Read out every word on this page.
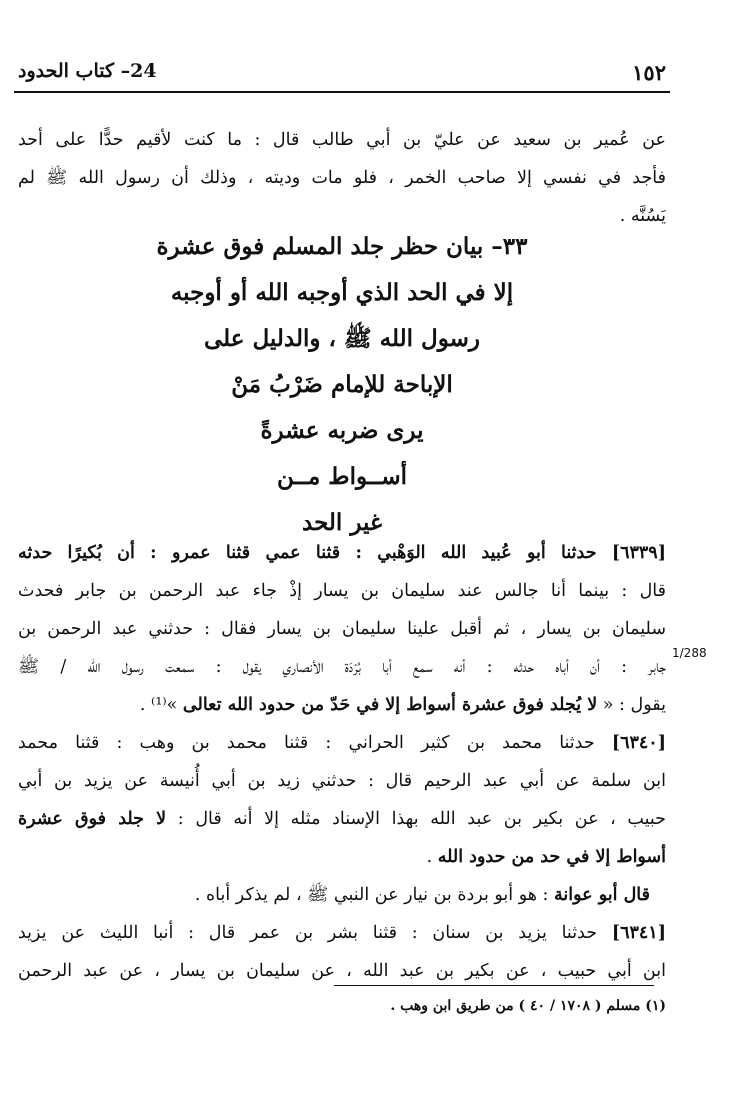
24– كتاب الحدود	١٥٢
عن عُمير بن سعيد عن عليّ بن أبي طالب قال : ما كنت لأقيم حدًّا على أحد
فأجد في نفسي إلا صاحب الخمر ، فلو مات وديته ، وذلك أن رسول الله ﷺ لم
يَسُنَّه .
٣٣– بيان حظر جلد المسلم فوق عشرة
إلا في الحد الذي أوجبه الله أو أوجبه
رسول الله ﷺ ، والدليل على
الإباحة للإمام ضَرْبُ مَنْ
يرى ضربه عشرةً
أســواط مــن
غير الحد
[٦٣٣٩] حدثنا أبو عُبيد الله الوَهْبي : قثنا عمي قثنا عمرو : أن بُكيرًا حدثه
قال : بينما أنا جالس عند سليمان بن يسار إذْ جاء عبد الرحمن بن جابر فحدث
سليمان بن يسار ، ثم أقبل علينا سليمان بن يسار فقال : حدثني عبد الرحمن بن
جابر : أن أباه حدثه : أنه سمع أبا بُرْدَة الأنصاري يقول : سمعت رسول الله / ﷺ
يقول : « لا يُجلد فوق عشرة أسواط إلا في حَدّ من حدود الله تعالى »⁽¹⁾ .
[٦٣٤٠] حدثنا محمد بن كثير الحراني : قثنا محمد بن وهب : قثنا محمد
ابن سلمة عن أبي عبد الرحيم قال : حدثني زيد بن أبي أُنيسة عن يزيد بن أبي
حبيب ، عن بكير بن عبد الله بهذا الإسناد مثله إلا أنه قال : لا جلد فوق عشرة
أسواط إلا في حد من حدود الله .
قال أبو عوانة : هو أبو بردة بن نيار عن النبي ﷺ ، لم يذكر أباه .
[٦٣٤١] حدثنا يزيد بن سنان : قثنا بشر بن عمر قال : أنبا الليث عن يزيد
ابن أبي حبيب ، عن بكير بن عبد الله ، عن سليمان بن يسار ، عن عبد الرحمن
1/288
(١) مسلم ( ١٧٠٨ / ٤٠ ) من طريق ابن وهب .
